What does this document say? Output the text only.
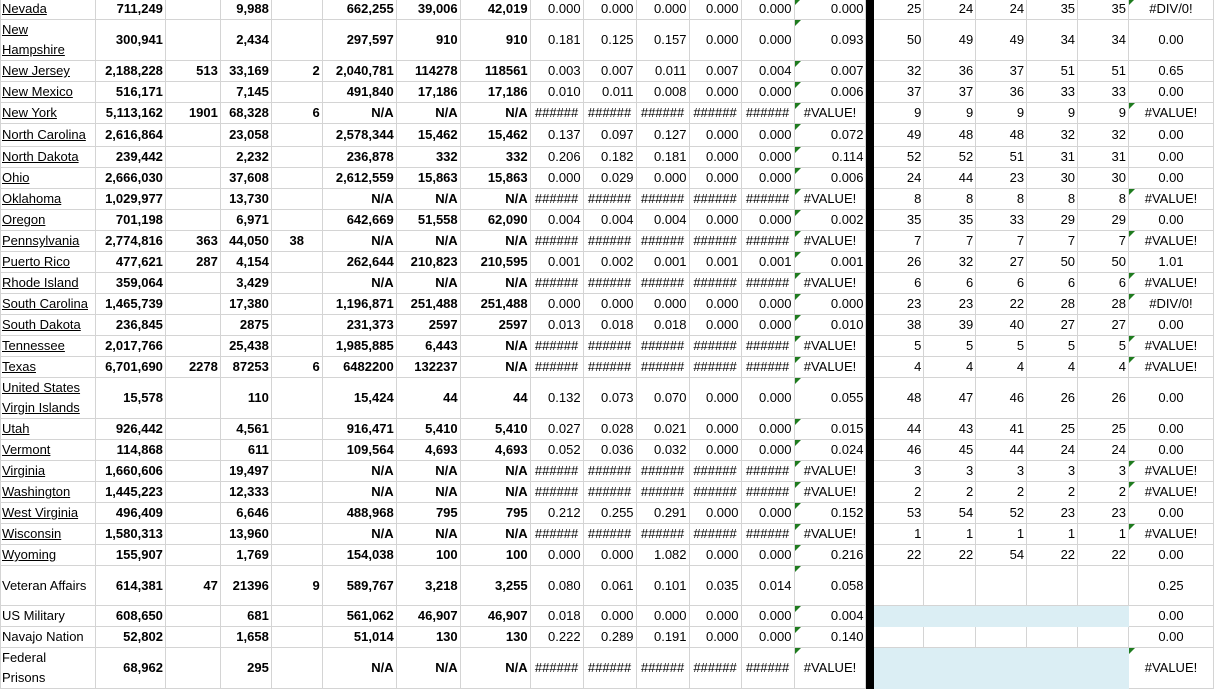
Nevada	711,249		9,988		662,255	39,006	42,019	0.000	0.000	0.000	0.000	0.000	0.000		25	24	24	35	35	#DIV/0!
New Hampshire	300,941		2,434		297,597	910	910	0.181	0.125	0.157	0.000	0.000	0.093		50	49	49	34	34	0.00
New Jersey	2,188,228	513	33,169	2	2,040,781	114278	118561	0.003	0.007	0.011	0.007	0.004	0.007		32	36	37	51	51	0.65
New Mexico	516,171		7,145		491,840	17,186	17,186	0.010	0.011	0.008	0.000	0.000	0.006		37	37	36	33	33	0.00
New York	5,113,162	1901	68,328	6	N/A	N/A	N/A	######	######	######	######	######	#VALUE!		9	9	9	9	9	#VALUE!
North Carolina	2,616,864		23,058		2,578,344	15,462	15,462	0.137	0.097	0.127	0.000	0.000	0.072		49	48	48	32	32	0.00
North Dakota	239,442		2,232		236,878	332	332	0.206	0.182	0.181	0.000	0.000	0.114		52	52	51	31	31	0.00
Ohio	2,666,030		37,608		2,612,559	15,863	15,863	0.000	0.029	0.000	0.000	0.000	0.006		24	44	23	30	30	0.00
Oklahoma	1,029,977		13,730		N/A	N/A	N/A	######	######	######	######	######	#VALUE!		8	8	8	8	8	#VALUE!
Oregon	701,198		6,971		642,669	51,558	62,090	0.004	0.004	0.004	0.000	0.000	0.002		35	35	33	29	29	0.00
Pennsylvania	2,774,816	363	44,050	38	N/A	N/A	N/A	######	######	######	######	######	#VALUE!		7	7	7	7	7	#VALUE!
Puerto Rico	477,621	287	4,154		262,644	210,823	210,595	0.001	0.002	0.001	0.001	0.001	0.001		26	32	27	50	50	1.01
Rhode Island	359,064		3,429		N/A	N/A	N/A	######	######	######	######	######	#VALUE!		6	6	6	6	6	#VALUE!
South Carolina	1,465,739		17,380		1,196,871	251,488	251,488	0.000	0.000	0.000	0.000	0.000	0.000		23	23	22	28	28	#DIV/0!
South Dakota	236,845		2875		231,373	2597	2597	0.013	0.018	0.018	0.000	0.000	0.010		38	39	40	27	27	0.00
Tennessee	2,017,766		25,438		1,985,885	6,443	N/A	######	######	######	######	######	#VALUE!		5	5	5	5	5	#VALUE!
Texas	6,701,690	2278	87253	6	6482200	132237	N/A	######	######	######	######	######	#VALUE!		4	4	4	4	4	#VALUE!
United States Virgin Islands	15,578		110		15,424	44	44	0.132	0.073	0.070	0.000	0.000	0.055		48	47	46	26	26	0.00
Utah	926,442		4,561		916,471	5,410	5,410	0.027	0.028	0.021	0.000	0.000	0.015		44	43	41	25	25	0.00
Vermont	114,868		611		109,564	4,693	4,693	0.052	0.036	0.032	0.000	0.000	0.024		46	45	44	24	24	0.00
Virginia	1,660,606		19,497		N/A	N/A	N/A	######	######	######	######	######	#VALUE!		3	3	3	3	3	#VALUE!
Washington	1,445,223		12,333		N/A	N/A	N/A	######	######	######	######	######	#VALUE!		2	2	2	2	2	#VALUE!
West Virginia	496,409		6,646		488,968	795	795	0.212	0.255	0.291	0.000	0.000	0.152		53	54	52	23	23	0.00
Wisconsin	1,580,313		13,960		N/A	N/A	N/A	######	######	######	######	######	#VALUE!		1	1	1	1	1	#VALUE!
Wyoming	155,907		1,769		154,038	100	100	0.000	0.000	1.082	0.000	0.000	0.216		22	22	54	22	22	0.00
Veteran Affairs	614,381	47	21396	9	589,767	3,218	3,255	0.080	0.061	0.101	0.035	0.014	0.058							0.25
US Military	608,650		681		561,062	46,907	46,907	0.018	0.000	0.000	0.000	0.000	0.004							0.00
Navajo Nation	52,802		1,658		51,014	130	130	0.222	0.289	0.191	0.000	0.000	0.140							0.00
Federal Prisons	68,962		295		N/A	N/A	N/A	######	######	######	######	######	#VALUE!							#VALUE!
